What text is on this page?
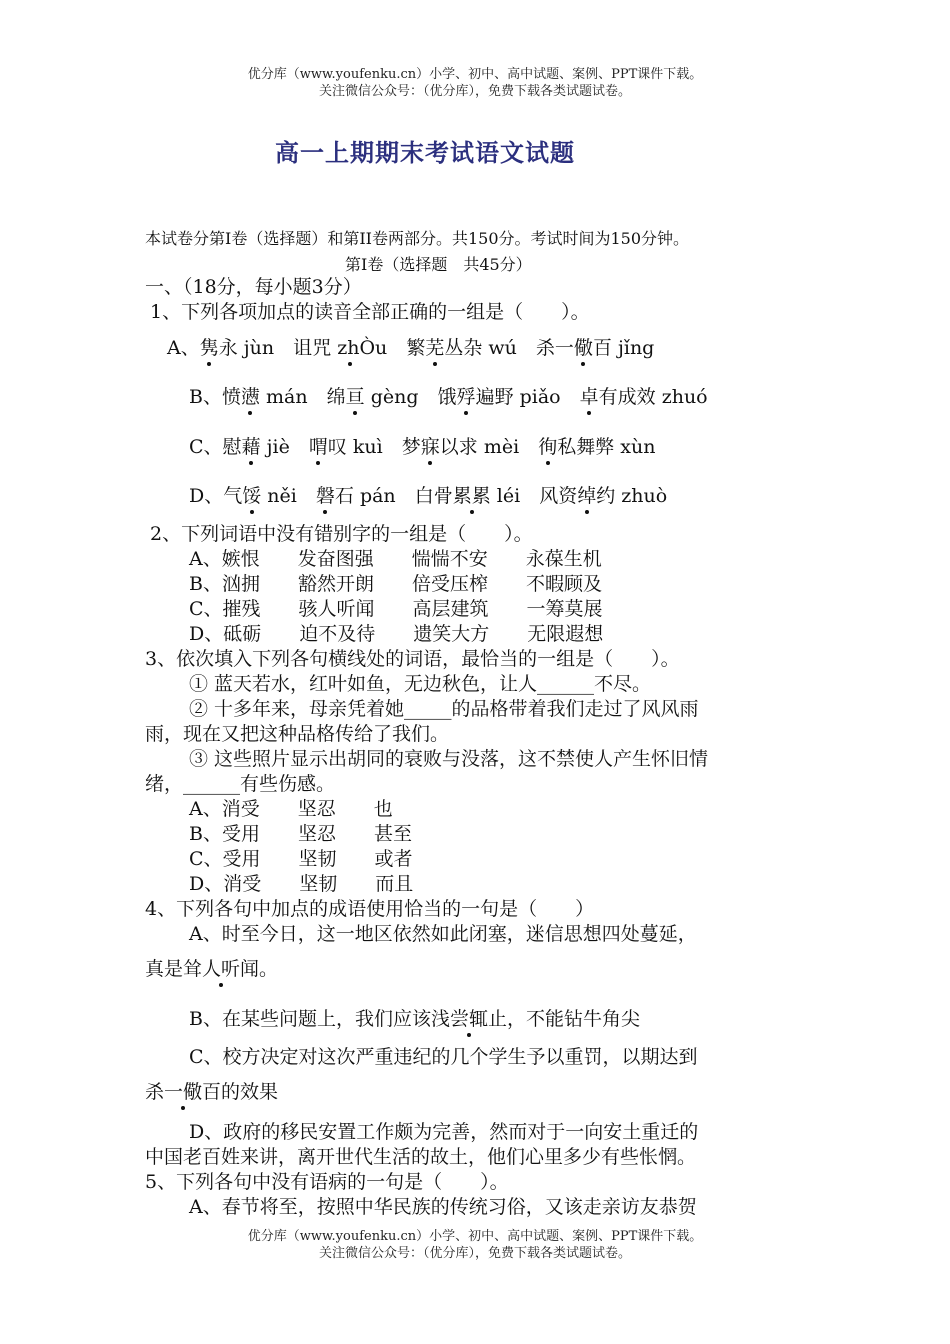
优分库（www.youfenku.cn）小学、初中、高中试题、案例、PPT课件下载。
关注微信公众号：（优分库），免费下载各类试题试卷。
高一上期期末考试语文试题
本试卷分第I卷（选择题）和第II卷两部分。共150分。考试时间为150分钟。
第I卷（选择题　共45分）
一、（18分，每小题3分）
1、下列各项加点的读音全部正确的一组是（　　）。
A、隽永 jùn　 诅咒 zhÒu　 繁芜丛杂 wú　 杀一儆百 jǐng
B、愤懑 mán　 绵亘 gèng　 饿殍遍野 piǎo　 卓有成效 zhuó
C、慰藉 jiè　 喟叹 kuì　 梦寐以求 mèi　 徇私舞弊 xùn
D、气馁 něi　 磐石 pán　 白骨累累 léi　 风资绰约 zhuò
2、下列词语中没有错别字的一组是（　　）。
A、嫉恨　　发奋图强　　惴惴不安　　永葆生机
B、汹拥　　豁然开朗　　倍受压榨　　不暇顾及
C、摧残　　骇人听闻　　高层建筑　　一筹莫展
D、砥砺　　迫不及待　　遗笑大方　　无限遐想
3、依次填入下列各句横线处的词语，最恰当的一组是（　　）。
① 蓝天若水，红叶如鱼，无边秋色，让人______不尽。
② 十多年来，母亲凭着她_____的品格带着我们走过了风风雨
雨，现在又把这种品格传给了我们。
③ 这些照片显示出胡同的衰败与没落，这不禁使人产生怀旧情
绪，______有些伤感。
A、消受　　坚忍　　也
B、受用　　坚忍　　甚至
C、受用　　坚韧　　或者
D、消受　　坚韧　　而且
4、下列各句中加点的成语使用恰当的一句是（　　）
A、时至今日，这一地区依然如此闭塞，迷信思想四处蔓延，
真是耸人听闻。
B、在某些问题上，我们应该浅尝辄止，不能钻牛角尖
C、校方决定对这次严重违纪的几个学生予以重罚，以期达到
杀一儆百的效果
D、政府的移民安置工作颇为完善，然而对于一向安土重迁的
中国老百姓来讲，离开世代生活的故土，他们心里多少有些怅惘。
5、下列各句中没有语病的一句是（　　）。
A、春节将至，按照中华民族的传统习俗，又该走亲访友恭贺
优分库（www.youfenku.cn）小学、初中、高中试题、案例、PPT课件下载。
关注微信公众号：（优分库），免费下载各类试题试卷。
